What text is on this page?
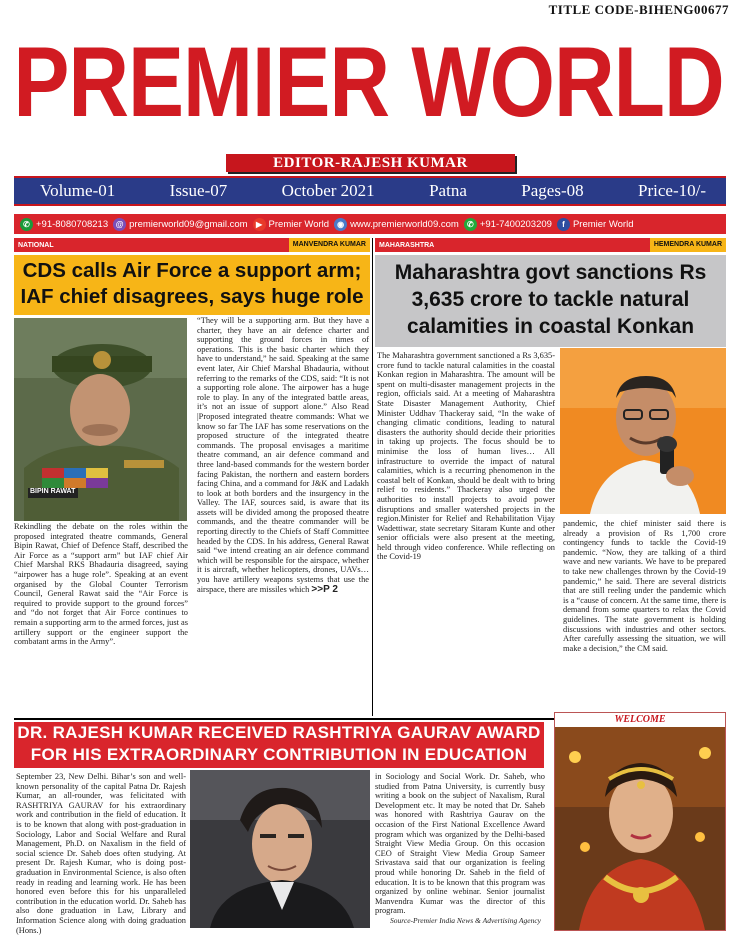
TITLE CODE-BIHENG00677
PREMIER WORLD
EDITOR-RAJESH KUMAR
Volume-01	Issue-07	October 2021	Patna	Pages-08	Price-10/-
✆ +91-8080708213 @ premierworld09@gmail.com	▶ Premier World	◉ www.premierworld09.com	✆ +91-7400203209	f Premier World
NATIONAL	MANVENDRA KUMAR
CDS calls Air Force a support arm; IAF chief disagrees, says huge role
BIPIN RAWAT
Rekindling the debate on the roles within the proposed integrated theatre commands, General Bipin Rawat, Chief of Defence Staff, described the Air Force as a “support arm” but IAF chief Air Chief Marshal RKS Bhadauria disagreed, saying “airpower has a huge role”. Speaking at an event organised by the Global Counter Terrorism Council, General Rawat said the “Air Force is required to provide support to the ground forces” and “do not forget that Air Force continues to remain a supporting arm to the armed forces, just as artillery support or the engineer support the combatant arms in the Army”.
“They will be a supporting arm. But they have a charter, they have an air defence charter and supporting the ground forces in times of operations. This is the basic charter which they have to understand,” he said. Speaking at the same event later, Air Chief Marshal Bhadauria, without referring to the remarks of the CDS, said: “It is not a supporting role alone. The airpower has a huge role to play. In any of the integrated battle areas, it’s not an issue of support alone.” Also Read |Proposed integrated theatre commands: What we know so far The IAF has some reservations on the proposed structure of the integrated theatre commands. The proposal envisages a maritime theatre command, an air defence command and three land-based commands for the western border facing Pakistan, the northern and eastern borders facing China, and a command for J&K and Ladakh to look at both borders and the insurgency in the Valley. The IAF, sources said, is aware that its assets will be divided among the proposed theatre commands, and the theatre commander will be reporting directly to the Chiefs of Staff Committee headed by the CDS. In his address, General Rawat said “we intend creating an air defence command which will be responsible for the airspace, whether it is aircraft, whether helicopters, drones, UAVs… you have artillery weapons systems that use the airspace, there are missiles which >>P 2
MAHARASHTRA	HEMENDRA KUMAR
Maharashtra govt sanctions Rs 3,635 crore to tackle natural calamities in coastal Konkan
The Maharashtra government sanctioned a Rs 3,635-crore fund to tackle natural calamities in the coastal Konkan region in Maharashtra. The amount will be spent on multi-disaster management projects in the region, officials said. At a meeting of Maharashtra State Disaster Management Authority, Chief Minister Uddhav Thackeray said, “In the wake of changing climatic conditions, leading to natural disasters the authority should decide their priorities in taking up projects. The focus should be to minimise the loss of human lives… All infrastructure to override the impact of natural calamities, which is a recurring phenomenon in the coastal belt of Konkan, should be dealt with to bring relief to residents.” Thackeray also urged the authorities to install projects to avoid power disruptions and smaller watershed projects in the region.Minister for Relief and Rehabilitation Vijay Wadettiwar, state secretary Sitaram Kunte and other senior officials were also present at the meeting, held through video conference. While reflecting on the Covid-19
pandemic, the chief minister said there is already a provision of Rs 1,700 crore contingency funds to tackle the Covid-19 pandemic. “Now, they are talking of a third wave and new variants. We have to be prepared to take new challenges thrown by the Covid-19 pandemic,” he said. There are several districts that are still reeling under the pandemic which is a “cause of concern. At the same time, there is demand from some quarters to relax the Covid guidelines. The state government is holding discussions with industries and other sectors. After carefully assessing the situation, we will make a decision,” the CM said.
DR. RAJESH KUMAR RECEIVED RASHTRIYA GAURAV AWARD
FOR HIS EXTRAORDINARY CONTRIBUTION IN EDUCATION
September 23, New Delhi. Bihar’s son and well-known personality of the capital Patna Dr. Rajesh Kumar, an all-rounder, was felicitated with RASHTRIYA GAURAV for his extraordinary work and contribution in the field of education. It is to be known that along with post-graduation in Sociology, Labor and Social Welfare and Rural Management, Ph.D. on Naxalism in the field of social science Dr. Saheb does often studying. At present Dr. Rajesh Kumar, who is doing post-graduation in Environmental Science, is also often ready in reading and learning work. He has been honored even before this for his unparalleled contribution in the education world. Dr. Saheb has also done graduation in Law, Library and Information Science along with doing graduation (Hons.)
in Sociology and Social Work. Dr. Saheb, who studied from Patna University, is currently busy writing a book on the subject of Naxalism, Rural Development etc. It may be noted that Dr. Saheb was honored with Rashtriya Gaurav on the occasion of the First National Excellence Award program which was organized by the Delhi-based Straight View Media Group. On this occasion CEO of Straight View Media Group Sameer Srivastava said that our organization is feeling proud while honoring Dr. Saheb in the field of education. It is to be known that this program was organized by online webinar. Senior journalist Manvendra Kumar was the director of this program.

Source-Premier India News & Advertising Agency
WELCOME
